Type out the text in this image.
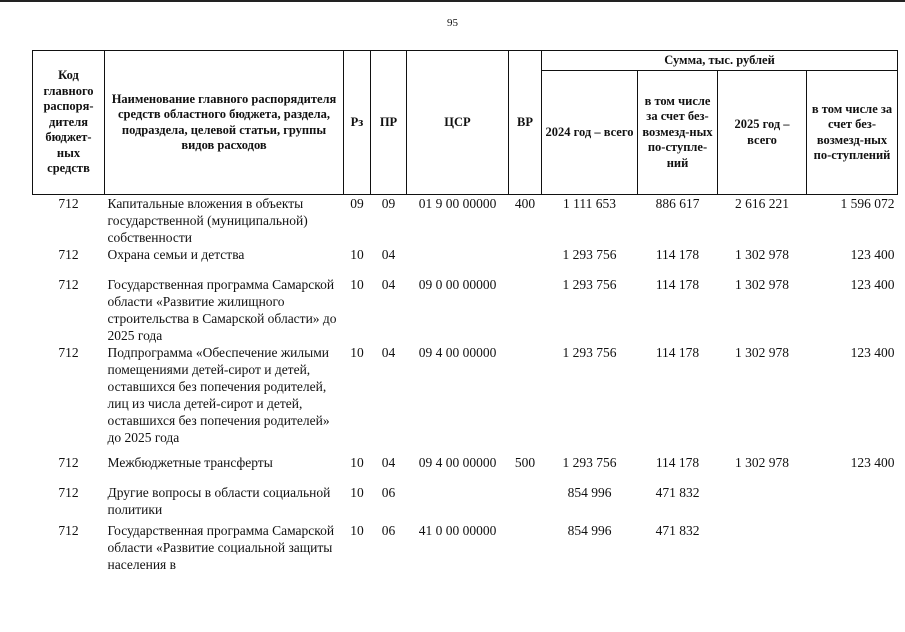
95
Код главного распоря-дителя бюджет-ных средств	Наименование главного распорядителя средств областного бюджета, раздела, подраздела, целевой статьи, группы видов расходов	Рз	ПР	ЦСР	ВР	Сумма, тыс. рублей			
						2024 год – всего	в том числе за счет без-возмезд-ных по-ступле-ний	2025 год – всего	в том числе за счет без-возмезд-ных по-ступлений
712	Капитальные вложения в объекты государственной (муниципальной) собственности	09	09	01 9 00 00000	400	1 111 653	886 617	2 616 221	1 596 072
712	Охрана семьи и детства	10	04			1 293 756	114 178	1 302 978	123 400
712	Государственная программа Самарской области «Развитие жилищного строительства в Самарской области» до 2025 года	10	04	09 0 00 00000		1 293 756	114 178	1 302 978	123 400
712	Подпрограмма «Обеспечение жилыми помещениями детей-сирот и детей, оставшихся без попечения родителей, лиц из числа детей-сирот и детей, оставшихся без попечения родителей» до 2025 года	10	04	09 4 00 00000		1 293 756	114 178	1 302 978	123 400
712	Межбюджетные трансферты	10	04	09 4 00 00000	500	1 293 756	114 178	1 302 978	123 400
712	Другие вопросы в области социальной политики	10	06			854 996	471 832		
712	Государственная программа Самарской области «Развитие социальной защиты населения в	10	06	41 0 00 00000		854 996	471 832		
